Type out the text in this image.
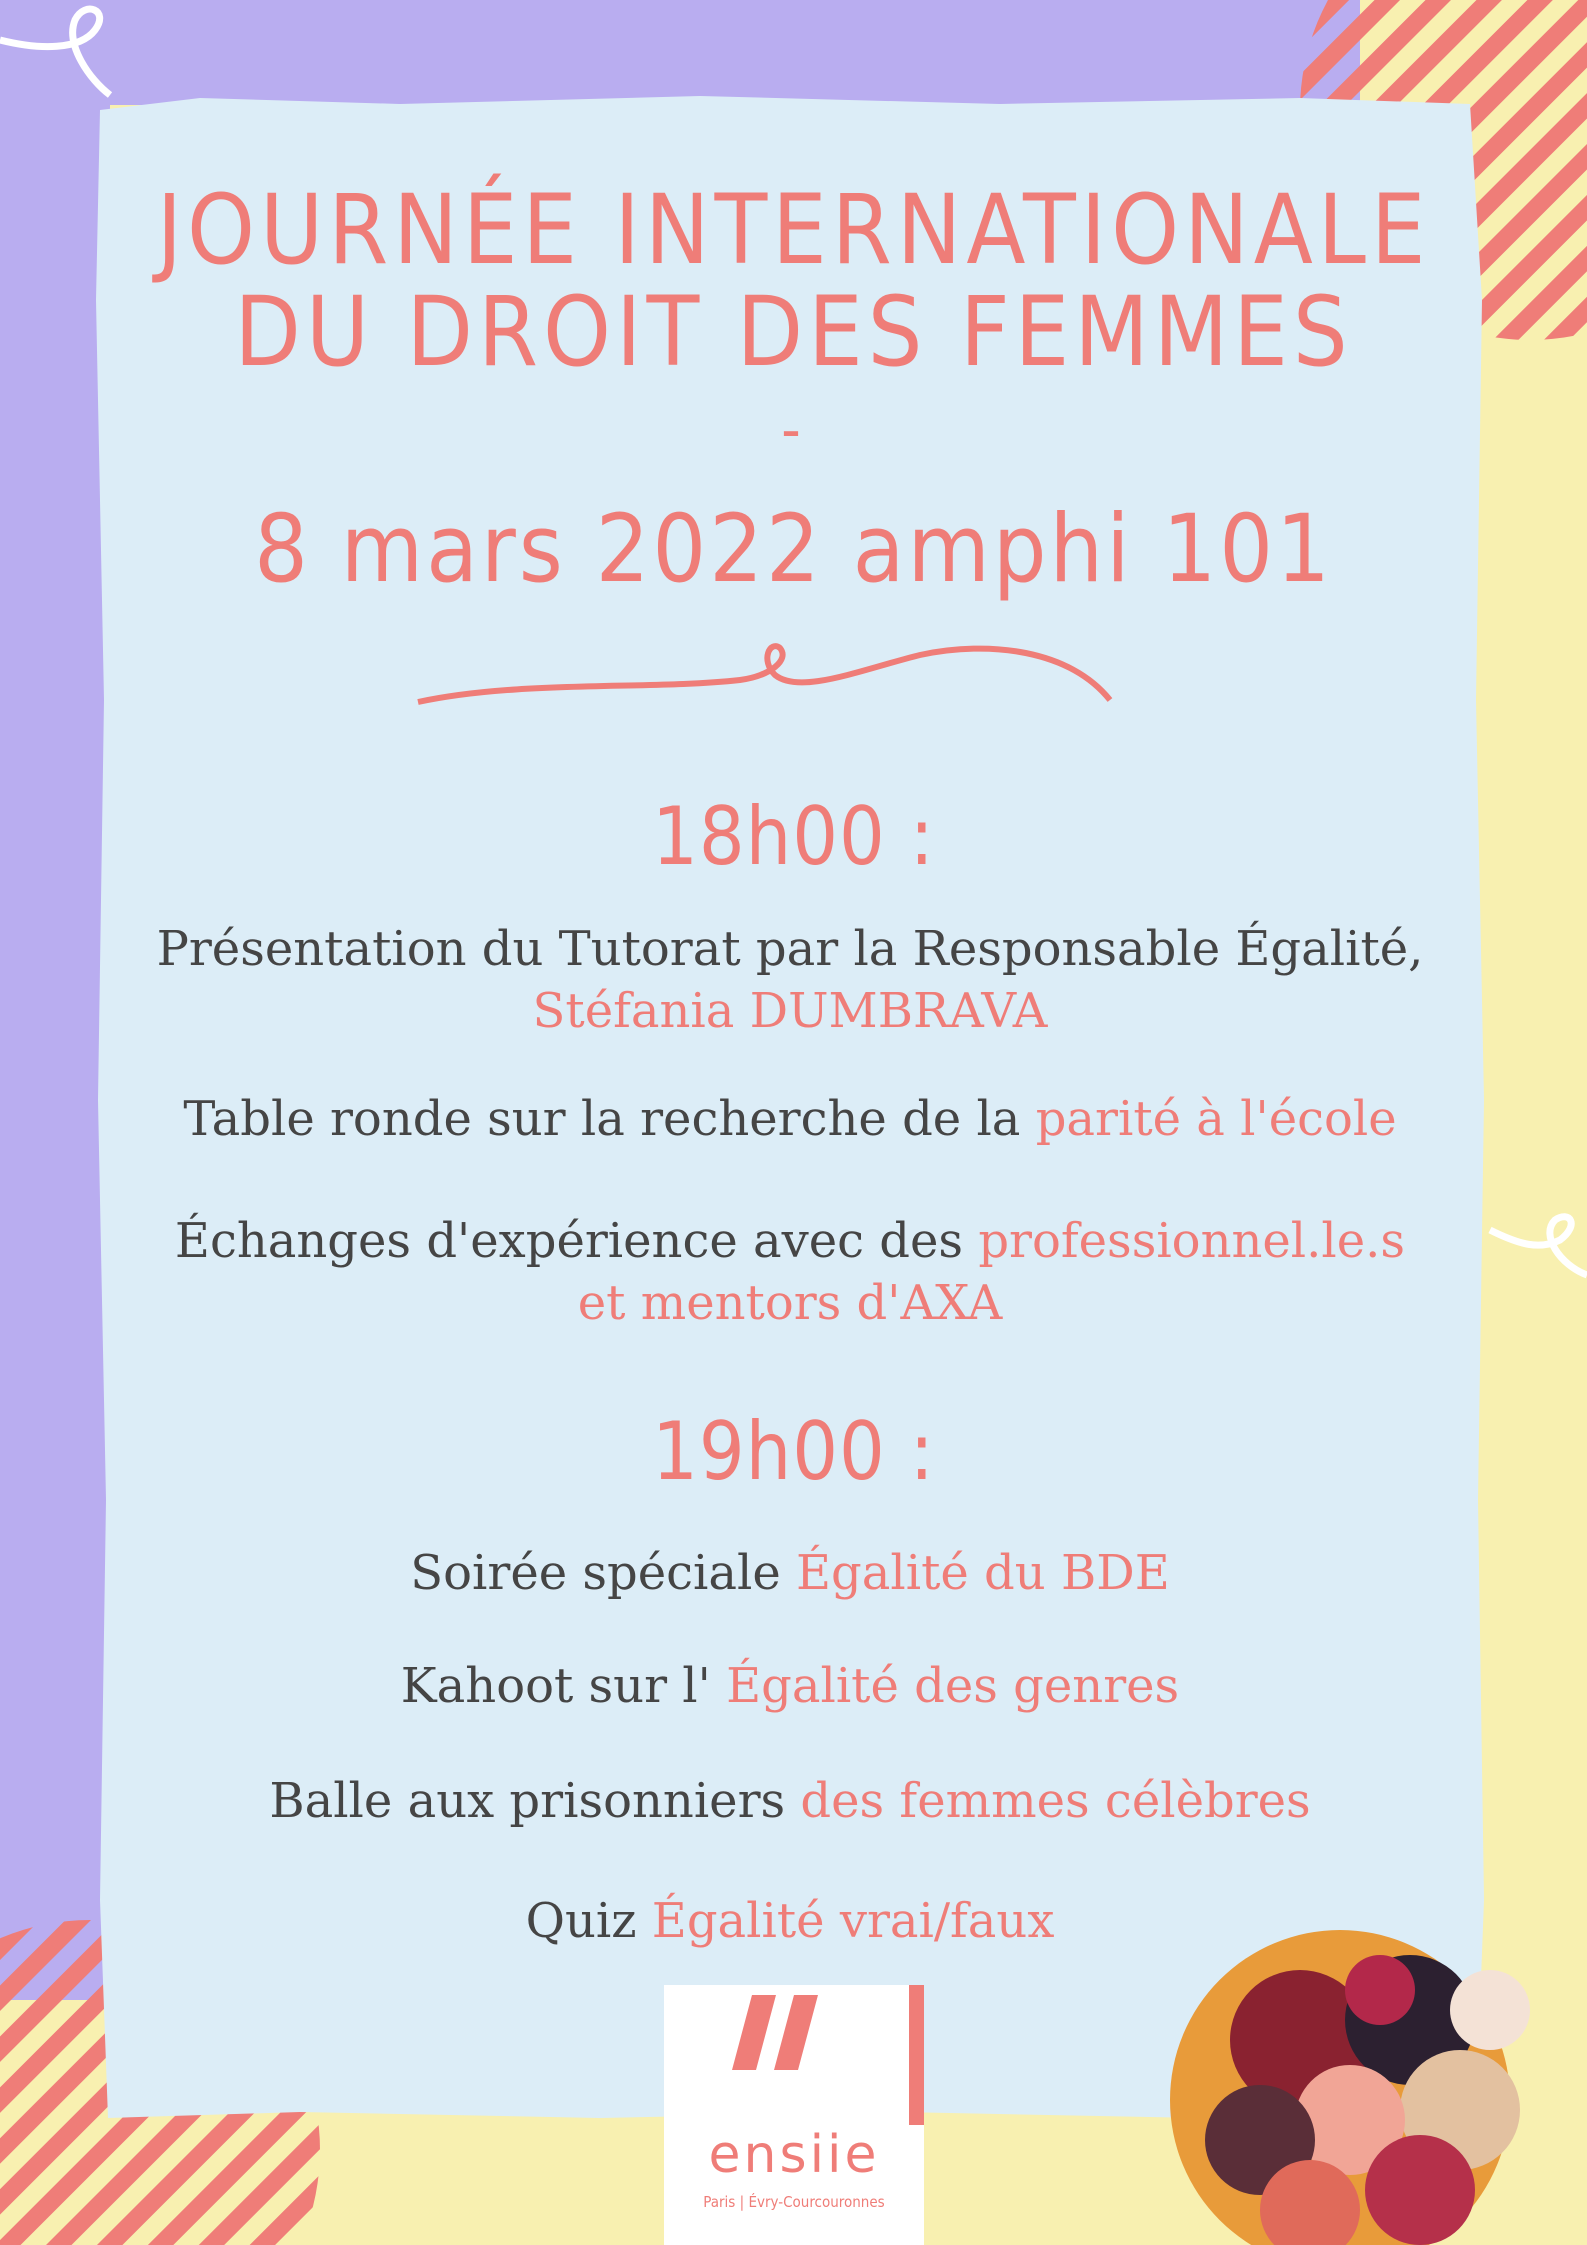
JOURNÉE INTERNATIONALE
DU DROIT DES FEMMES
-
8 mars 2022 amphi 101
18h00 :
Présentation du Tutorat par la Responsable Égalité,
Stéfania DUMBRAVA
Table ronde sur la recherche de la parité à l'école
Échanges d'expérience avec des professionnel.le.s
et mentors d'AXA
19h00 :
Soirée spéciale Égalité du BDE
Kahoot sur l' Égalité des genres
Balle aux prisonniers des femmes célèbres
Quiz Égalité vrai/faux
ensiie
Paris | Évry-Courcouronnes
